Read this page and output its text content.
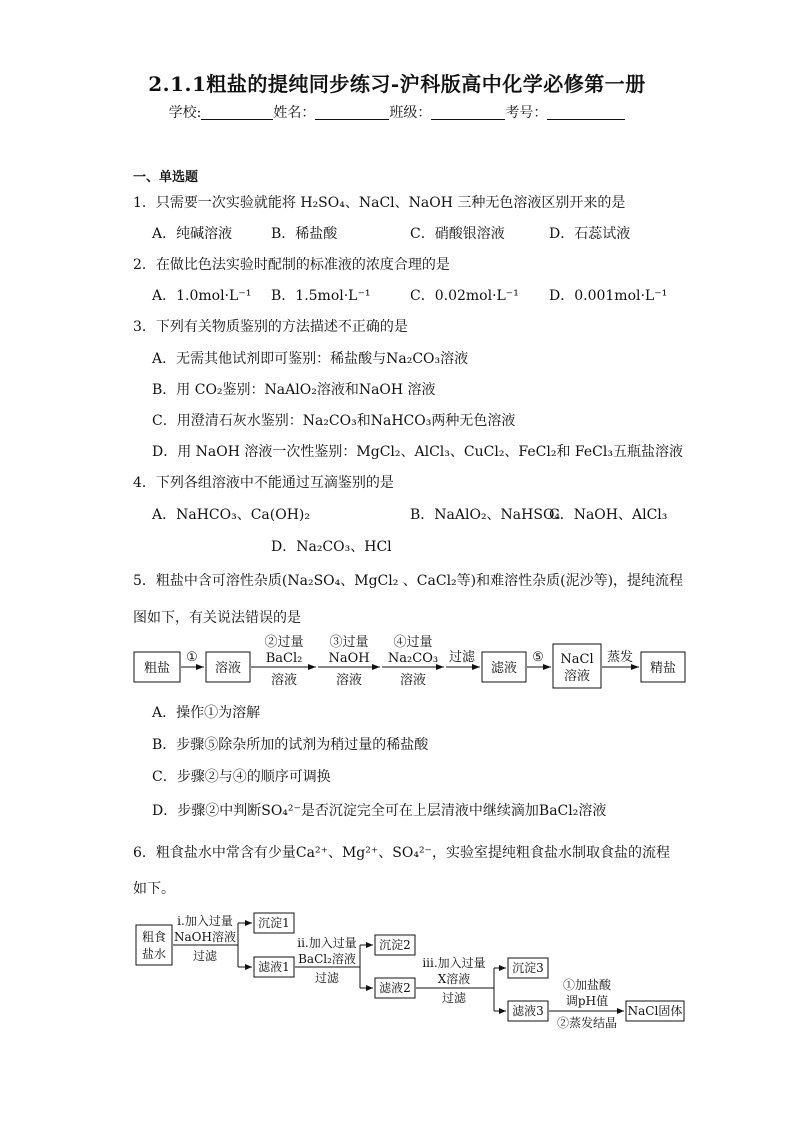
2.1.1粗盐的提纯同步练习-沪科版高中化学必修第一册
学校:	姓名：	班级：	考号：
一、单选题
1．只需要一次实验就能将 H₂SO₄、NaCl、NaOH 三种无色溶液区别开来的是
A．纯碱溶液	B．稀盐酸	C．硝酸银溶液	D．石蕊试液
2．在做比色法实验时配制的标准液的浓度合理的是
A．1.0mol·L⁻¹ B．1.5mol·L⁻¹	C．0.02mol·L⁻¹ D．0.001mol·L⁻¹
3．下列有关物质鉴别的方法描述不正确的是
A．无需其他试剂即可鉴别：稀盐酸与Na₂CO₃溶液
B．用 CO₂鉴别：NaAlO₂溶液和NaOH 溶液
C．用澄清石灰水鉴别：Na₂CO₃和NaHCO₃两种无色溶液
D．用 NaOH 溶液一次性鉴别：MgCl₂、AlCl₃、CuCl₂、FeCl₂和 FeCl₃五瓶盐溶液
4．下列各组溶液中不能通过互滴鉴别的是
A．NaHCO₃、Ca(OH)₂	B．NaAlO₂、NaHSO₄
C．NaOH、AlCl₃
D．Na₂CO₃、HCl
5．粗盐中含可溶性杂质(Na₂SO₄、MgCl₂ 、CaCl₂等)和难溶性杂质(泥沙等)，提纯流程
图如下，有关说法错误的是
粗盐
①
溶液
②过量
BaCl₂
溶液
③过量
NaOH
溶液
④过量
Na₂CO₃
溶液
过滤
滤液
⑤ NaCl
溶液
蒸发
精盐
A．操作①为溶解
B．步骤⑤除杂所加的试剂为稍过量的稀盐酸
C．步骤②与④的顺序可调换
D．步骤②中判断SO₄²⁻是否沉淀完全可在上层清液中继续滴加BaCl₂溶液
6．粗食盐水中常含有少量Ca²⁺、Mg²⁺、SO₄²⁻，实验室提纯粗食盐水制取食盐的流程
如下。
粗食
盐水
i.加入过量
NaOH溶液
过滤
沉淀1
滤液1
ii.加入过量
BaCl₂溶液
过滤
沉淀2
滤液2
iii.加入过量
X溶液
过滤
沉淀3
滤液3
①加盐酸
调pH值
②蒸发结晶
NaCl固体
